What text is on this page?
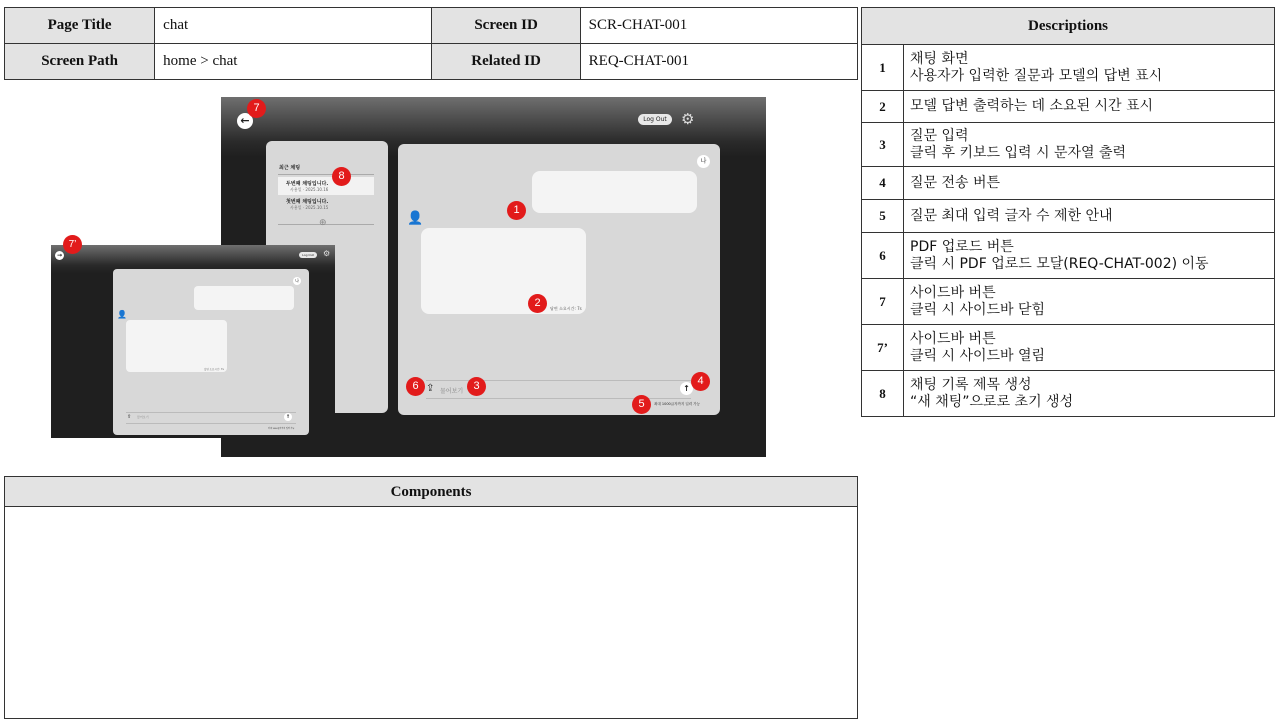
Page Title	chat	Screen ID	SCR-CHAT-001
Screen Path	home > chat	Related ID	REQ-CHAT-001
Descriptions	
1	채팅 화면
사용자가 입력한 질문과 모델의 답변 표시

2	모델 답변 출력하는 데 소요된 시간 표시

3	질문 입력
클릭 후 키보드 입력 시 문자열 출력

4	질문 전송 버튼

5	질문 최대 입력 글자 수 제한 안내

6	PDF 업로드 버튼
클릭 시 PDF 업로드 모달(REQ-CHAT-002) 이동

7	사이드바 버튼
클릭 시 사이드바 닫힘

7’	사이드바 버튼
클릭 시 사이드바 열림

8	채팅 기록 제목 생성
“새 채팅”으로로 초기 생성
Components
←	Log Out ⚙
최근 채팅
두번째 채팅입니다.
사용일 · 2025.10.16
첫번째 채팅입니다.
사용일 · 2025.10.15
⊕
나
👤
답변 소요시간: 7s
⇪ 물어보기	↑
최대 1000글자까지 입력 가능
7
8
1
2
6	3	4
5
→	Log Out	⚙
나
👤
답변 소요시간: 7s
⇪ 물어보기	↑
최대 1000글자까지 입력 가능
7’
